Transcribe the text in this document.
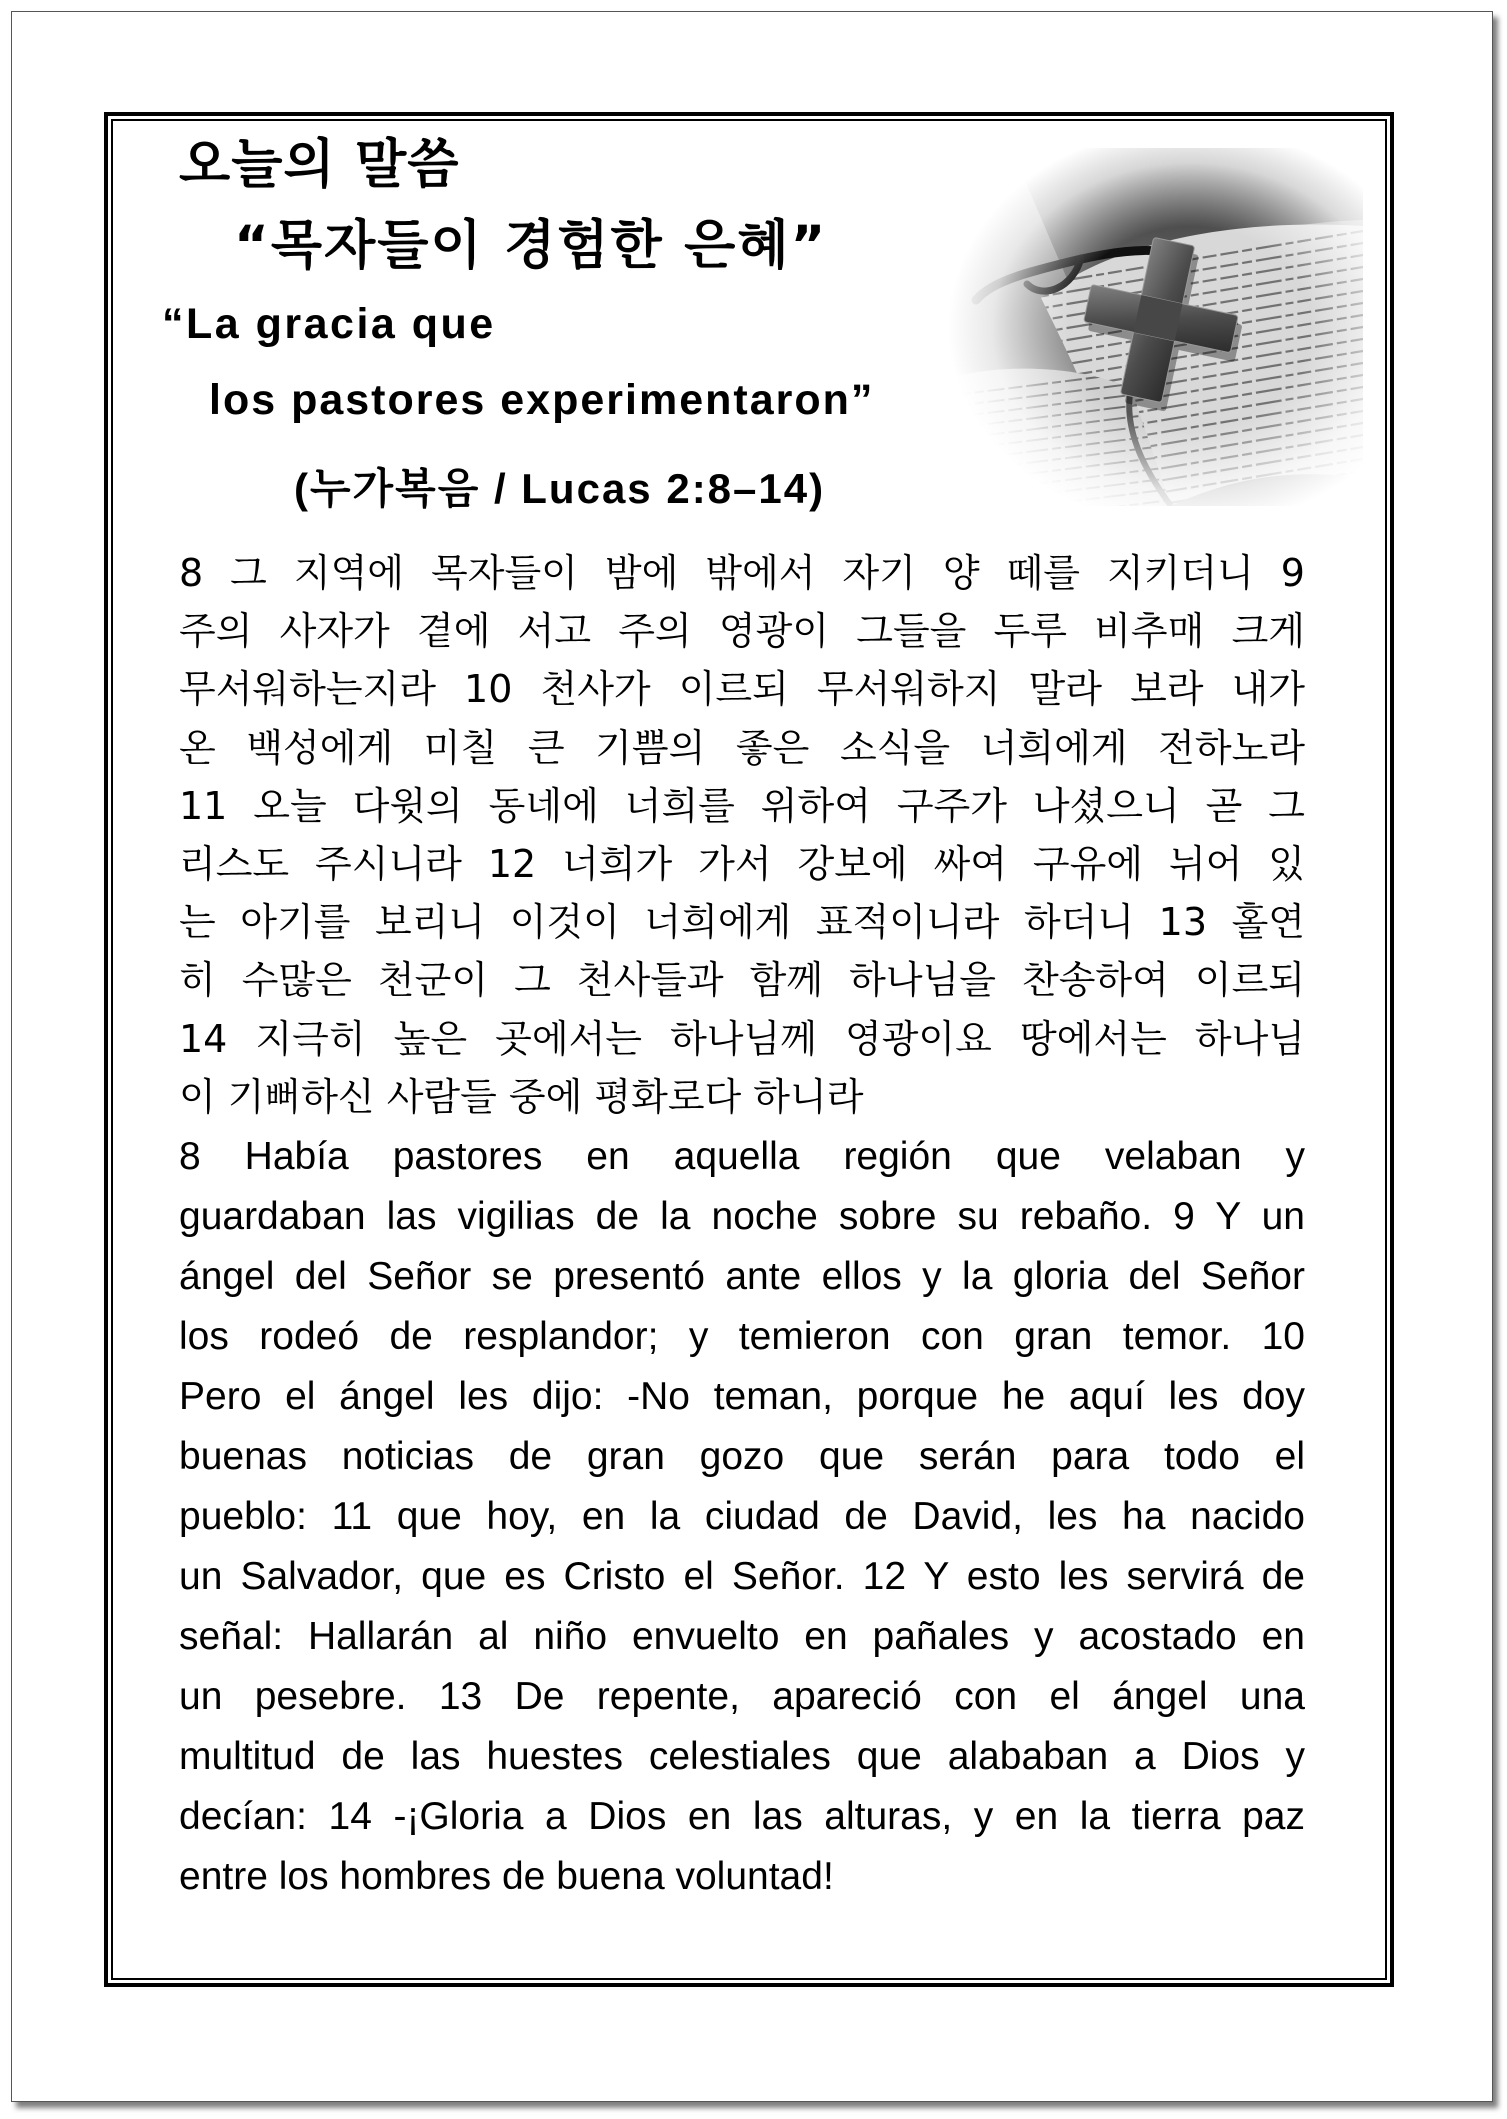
오늘의 말씀
“목자들이 경험한 은혜”
“La gracia que
los pastores experimentaron”
(누가복음 / Lucas 2:8–14)
8 그 지역에 목자들이 밤에 밖에서 자기 양 떼를 지키더니 9
주의 사자가 곁에 서고 주의 영광이 그들을 두루 비추매 크게
무서워하는지라 10 천사가 이르되 무서워하지 말라 보라 내가
온 백성에게 미칠 큰 기쁨의 좋은 소식을 너희에게 전하노라
11 오늘 다윗의 동네에 너희를 위하여 구주가 나셨으니 곧 그
리스도 주시니라 12 너희가 가서 강보에 싸여 구유에 뉘어 있
는 아기를 보리니 이것이 너희에게 표적이니라 하더니 13 홀연
히 수많은 천군이 그 천사들과 함께 하나님을 찬송하여 이르되
14 지극히 높은 곳에서는 하나님께 영광이요 땅에서는 하나님
이 기뻐하신 사람들 중에 평화로다 하니라
8 Había pastores en aquella región que velaban y
guardaban las vigilias de la noche sobre su rebaño. 9 Y un
ángel del Señor se presentó ante ellos y la gloria del Señor
los rodeó de resplandor; y temieron con gran temor. 10
Pero el ángel les dijo: -No teman, porque he aquí les doy
buenas noticias de gran gozo que serán para todo el
pueblo: 11 que hoy, en la ciudad de David, les ha nacido
un Salvador, que es Cristo el Señor. 12 Y esto les servirá de
señal: Hallarán al niño envuelto en pañales y acostado en
un pesebre. 13 De repente, apareció con el ángel una
multitud de las huestes celestiales que alababan a Dios y
decían: 14 -¡Gloria a Dios en las alturas, y en la tierra paz
entre los hombres de buena voluntad!
